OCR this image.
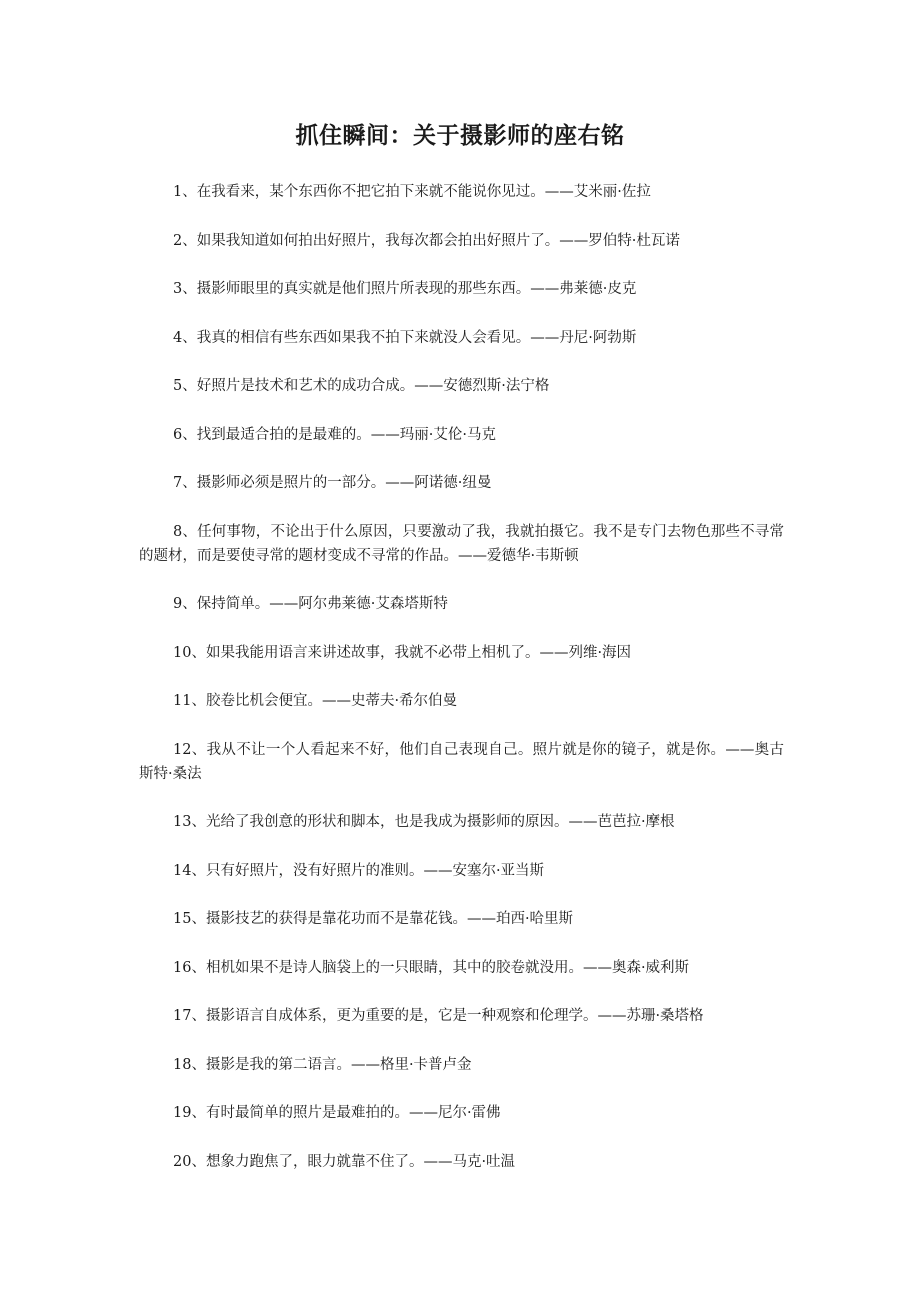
抓住瞬间：关于摄影师的座右铭
1、在我看来，某个东西你不把它拍下来就不能说你见过。——艾米丽·佐拉
2、如果我知道如何拍出好照片，我每次都会拍出好照片了。——罗伯特·杜瓦诺
3、摄影师眼里的真实就是他们照片所表现的那些东西。——弗莱德·皮克
4、我真的相信有些东西如果我不拍下来就没人会看见。——丹尼·阿勃斯
5、好照片是技术和艺术的成功合成。——安德烈斯·法宁格
6、找到最适合拍的是最难的。——玛丽·艾伦·马克
7、摄影师必须是照片的一部分。——阿诺德·纽曼
8、任何事物，不论出于什么原因，只要激动了我，我就拍摄它。我不是专门去物色那些不寻常的题材，而是要使寻常的题材变成不寻常的作品。——爱德华·韦斯顿
9、保持简单。——阿尔弗莱德·艾森塔斯特
10、如果我能用语言来讲述故事，我就不必带上相机了。——列维·海因
11、胶卷比机会便宜。——史蒂夫·希尔伯曼
12、我从不让一个人看起来不好，他们自己表现自己。照片就是你的镜子，就是你。——奥古斯特·桑法
13、光给了我创意的形状和脚本，也是我成为摄影师的原因。——芭芭拉·摩根
14、只有好照片，没有好照片的准则。——安塞尔·亚当斯
15、摄影技艺的获得是靠花功而不是靠花钱。——珀西·哈里斯
16、相机如果不是诗人脑袋上的一只眼睛，其中的胶卷就没用。——奥森·威利斯
17、摄影语言自成体系，更为重要的是，它是一种观察和伦理学。——苏珊·桑塔格
18、摄影是我的第二语言。——格里·卡普卢金
19、有时最简单的照片是最难拍的。——尼尔·雷佛
20、想象力跑焦了，眼力就靠不住了。——马克·吐温
